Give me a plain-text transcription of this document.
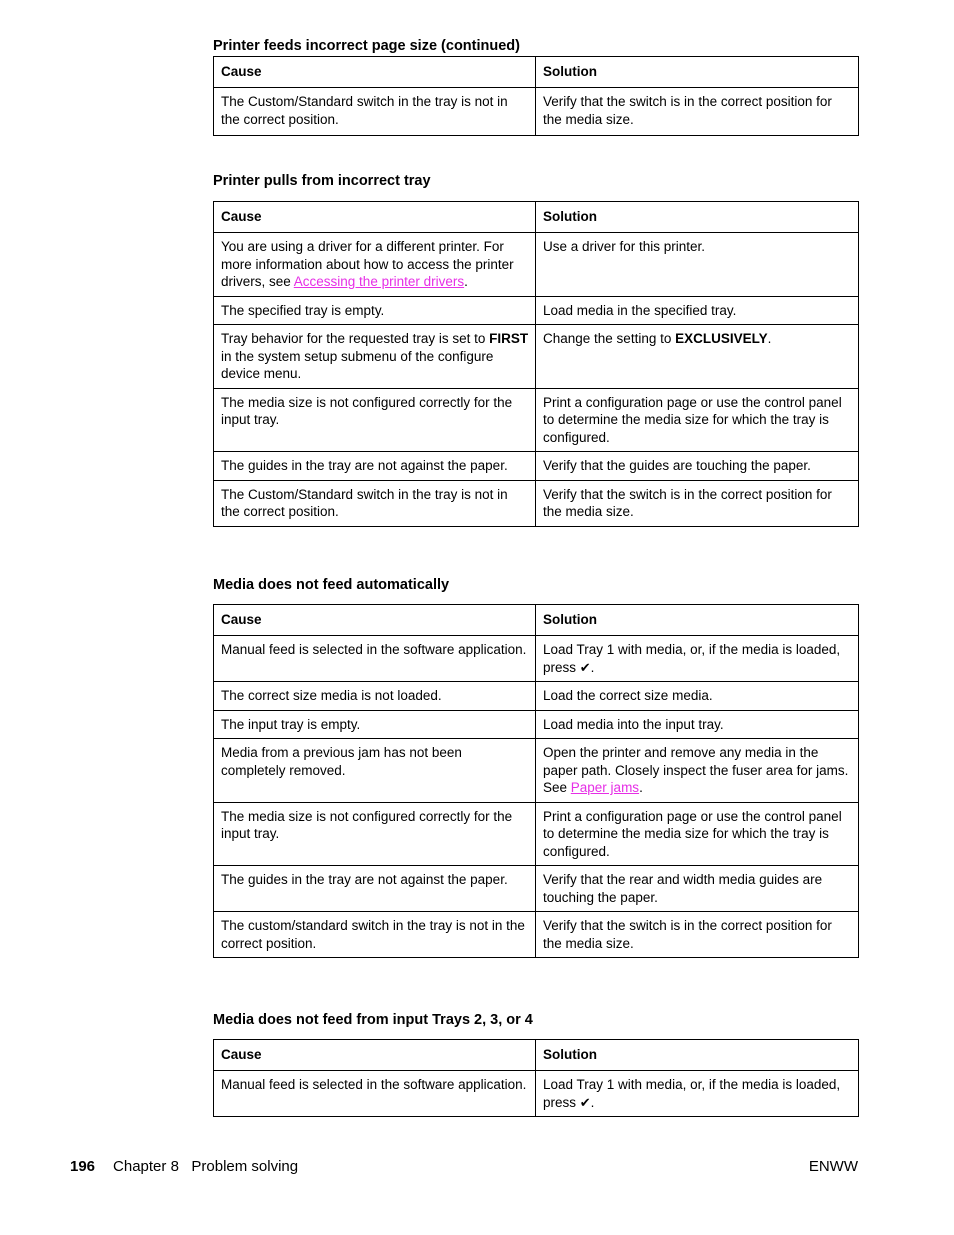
Printer feeds incorrect page size (continued)
Cause	Solution
The Custom/Standard switch in the tray is not in the correct position.	Verify that the switch is in the correct position for the media size.
Printer pulls from incorrect tray
Cause	Solution
You are using a driver for a different printer. For more information about how to access the printer drivers, see Accessing the printer drivers.	Use a driver for this printer.
The specified tray is empty.	Load media in the specified tray.
Tray behavior for the requested tray is set to FIRST in the system setup submenu of the configure device menu.	Change the setting to EXCLUSIVELY.
The media size is not configured correctly for the input tray.	Print a configuration page or use the control panel to determine the media size for which the tray is configured.
The guides in the tray are not against the paper.	Verify that the guides are touching the paper.
The Custom/Standard switch in the tray is not in the correct position.	Verify that the switch is in the correct position for the media size.
Media does not feed automatically
Cause	Solution
Manual feed is selected in the software application.	Load Tray 1 with media, or, if the media is loaded, press ✔.
The correct size media is not loaded.	Load the correct size media.
The input tray is empty.	Load media into the input tray.
Media from a previous jam has not been completely removed.	Open the printer and remove any media in the paper path. Closely inspect the fuser area for jams. See Paper jams.
The media size is not configured correctly for the input tray.	Print a configuration page or use the control panel to determine the media size for which the tray is configured.
The guides in the tray are not against the paper.	Verify that the rear and width media guides are touching the paper.
The custom/standard switch in the tray is not in the correct position.	Verify that the switch is in the correct position for the media size.
Media does not feed from input Trays 2, 3, or 4
Cause	Solution
Manual feed is selected in the software application.	Load Tray 1 with media, or, if the media is loaded, press ✔.
196 Chapter 8   Problem solving	ENWW
